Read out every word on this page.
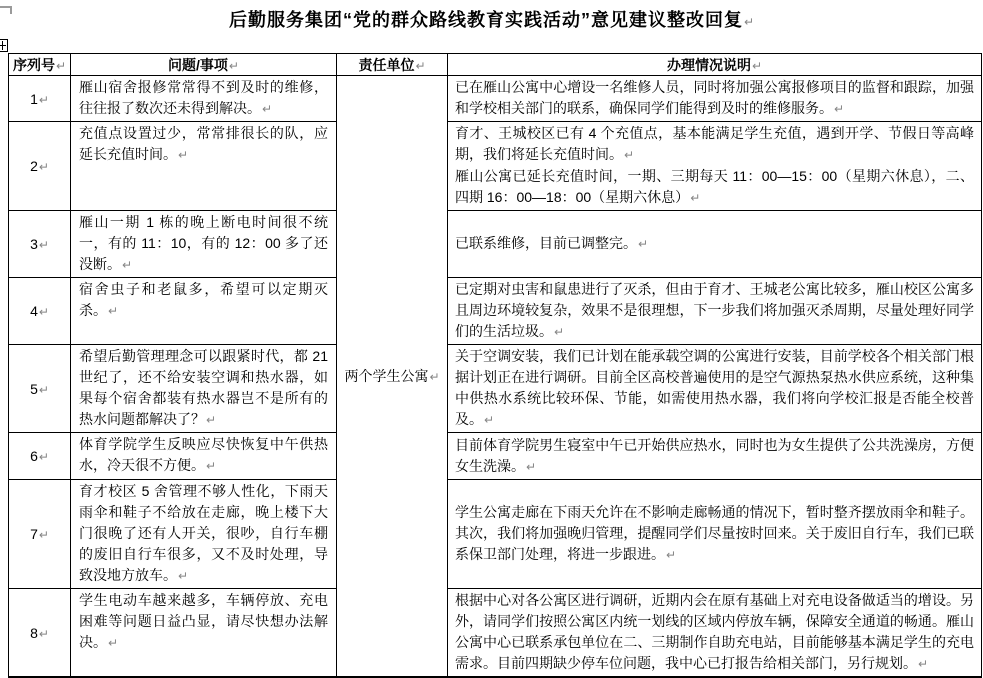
后勤服务集团“党的群众路线教育实践活动”意见建议整改回复↵
序列号↵	问题/事项↵	责任单位↵	办理情况说明↵
1↵	雁山宿舍报修常常得不到及时的维修，往往报了数次还未得到解决。↵	两个学生公寓↵	已在雁山公寓中心增设一名维修人员，同时将加强公寓报修项目的监督和跟踪，加强和学校相关部门的联系，确保同学们能得到及时的维修服务。↵

2↵	充值点设置过少，常常排很长的队，应延长充值时间。↵		育才、王城校区已有 4 个充值点，基本能满足学生充值，遇到开学、节假日等高峰期，我们将延长充值时间。↵

雁山公寓已延长充值时间，一期、三期每天 11：00—15：00（星期六休息），二、四期 16：00—18：00（星期六休息）↵

3↵	雁山一期 1 栋的晚上断电时间很不统一，有的 11：10，有的 12：00 多了还没断。↵		已联系维修，目前已调整完。↵

4↵	宿舍虫子和老鼠多，希望可以定期灭杀。↵		已定期对虫害和鼠患进行了灭杀，但由于育才、王城老公寓比较多，雁山校区公寓多且周边环境较复杂，效果不是很理想，下一步我们将加强灭杀周期，尽量处理好同学们的生活垃圾。↵

5↵	希望后勤管理理念可以跟紧时代，都 21 世纪了，还不给安装空调和热水器，如果每个宿舍都装有热水器岂不是所有的热水问题都解决了？↵		关于空调安装，我们已计划在能承载空调的公寓进行安装，目前学校各个相关部门根据计划正在进行调研。目前全区高校普遍使用的是空气源热泵热水供应系统，这种集中供热水系统比较环保、节能，如需使用热水器，我们将向学校汇报是否能全校普及。↵

6↵	体育学院学生反映应尽快恢复中午供热水，冷天很不方便。↵		目前体育学院男生寝室中午已开始供应热水，同时也为女生提供了公共洗澡房，方便女生洗澡。↵

7↵	育才校区 5 舍管理不够人性化，下雨天雨伞和鞋子不给放在走廊，晚上楼下大门很晚了还有人开关，很吵，自行车棚的废旧自行车很多，又不及时处理，导致没地方放车。↵		学生公寓走廊在下雨天允许在不影响走廊畅通的情况下，暂时整齐摆放雨伞和鞋子。其次，我们将加强晚归管理，提醒同学们尽量按时回来。关于废旧自行车，我们已联系保卫部门处理，将进一步跟进。↵

8↵	学生电动车越来越多，车辆停放、充电困难等问题日益凸显，请尽快想办法解决。↵		根据中心对各公寓区进行调研，近期内会在原有基础上对充电设备做适当的增设。另外，请同学们按照公寓区内统一划线的区域内停放车辆，保障安全通道的畅通。雁山公寓中心已联系承包单位在二、三期制作自助充电站，目前能够基本满足学生的充电需求。目前四期缺少停车位问题，我中心已打报告给相关部门，另行规划。↵
